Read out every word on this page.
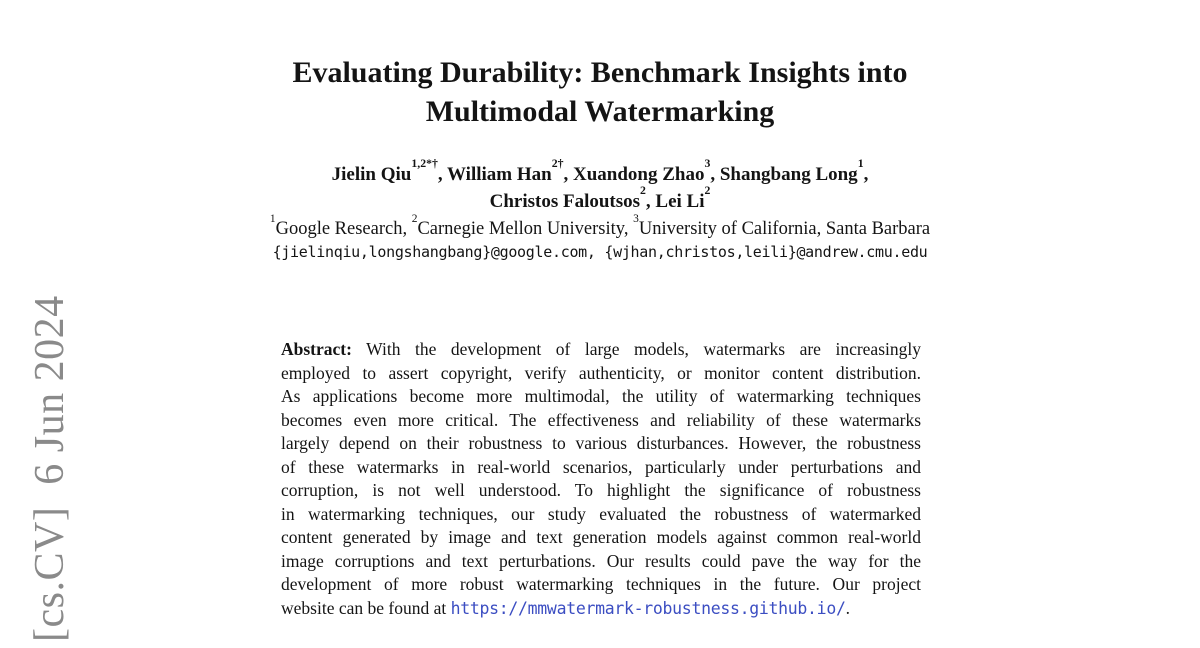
[cs.CV]  6 Jun 2024
Evaluating Durability: Benchmark Insights into
Multimodal Watermarking
Jielin Qiu$^{1,2*\dagger}$, William Han$^{2\dagger}$, Xuandong Zhao$^3$, Shangbang Long$^1$,
Christos Faloutsos$^2$, Lei Li$^2$
$^1$Google Research, $^2$Carnegie Mellon University, $^3$University of California, Santa Barbara
{jielinqiu,longshangbang}@google.com, {wjhan,christos,leili}@andrew.cmu.edu
Abstract: With the development of large models, watermarks are increasingly
employed to assert copyright, verify authenticity, or monitor content distribution.
As applications become more multimodal, the utility of watermarking techniques
becomes even more critical. The effectiveness and reliability of these watermarks
largely depend on their robustness to various disturbances. However, the robustness
of these watermarks in real-world scenarios, particularly under perturbations and
corruption, is not well understood. To highlight the significance of robustness
in watermarking techniques, our study evaluated the robustness of watermarked
content generated by image and text generation models against common real-world
image corruptions and text perturbations. Our results could pave the way for the
development of more robust watermarking techniques in the future. Our project
website can be found at https://mmwatermark-robustness.github.io/.
